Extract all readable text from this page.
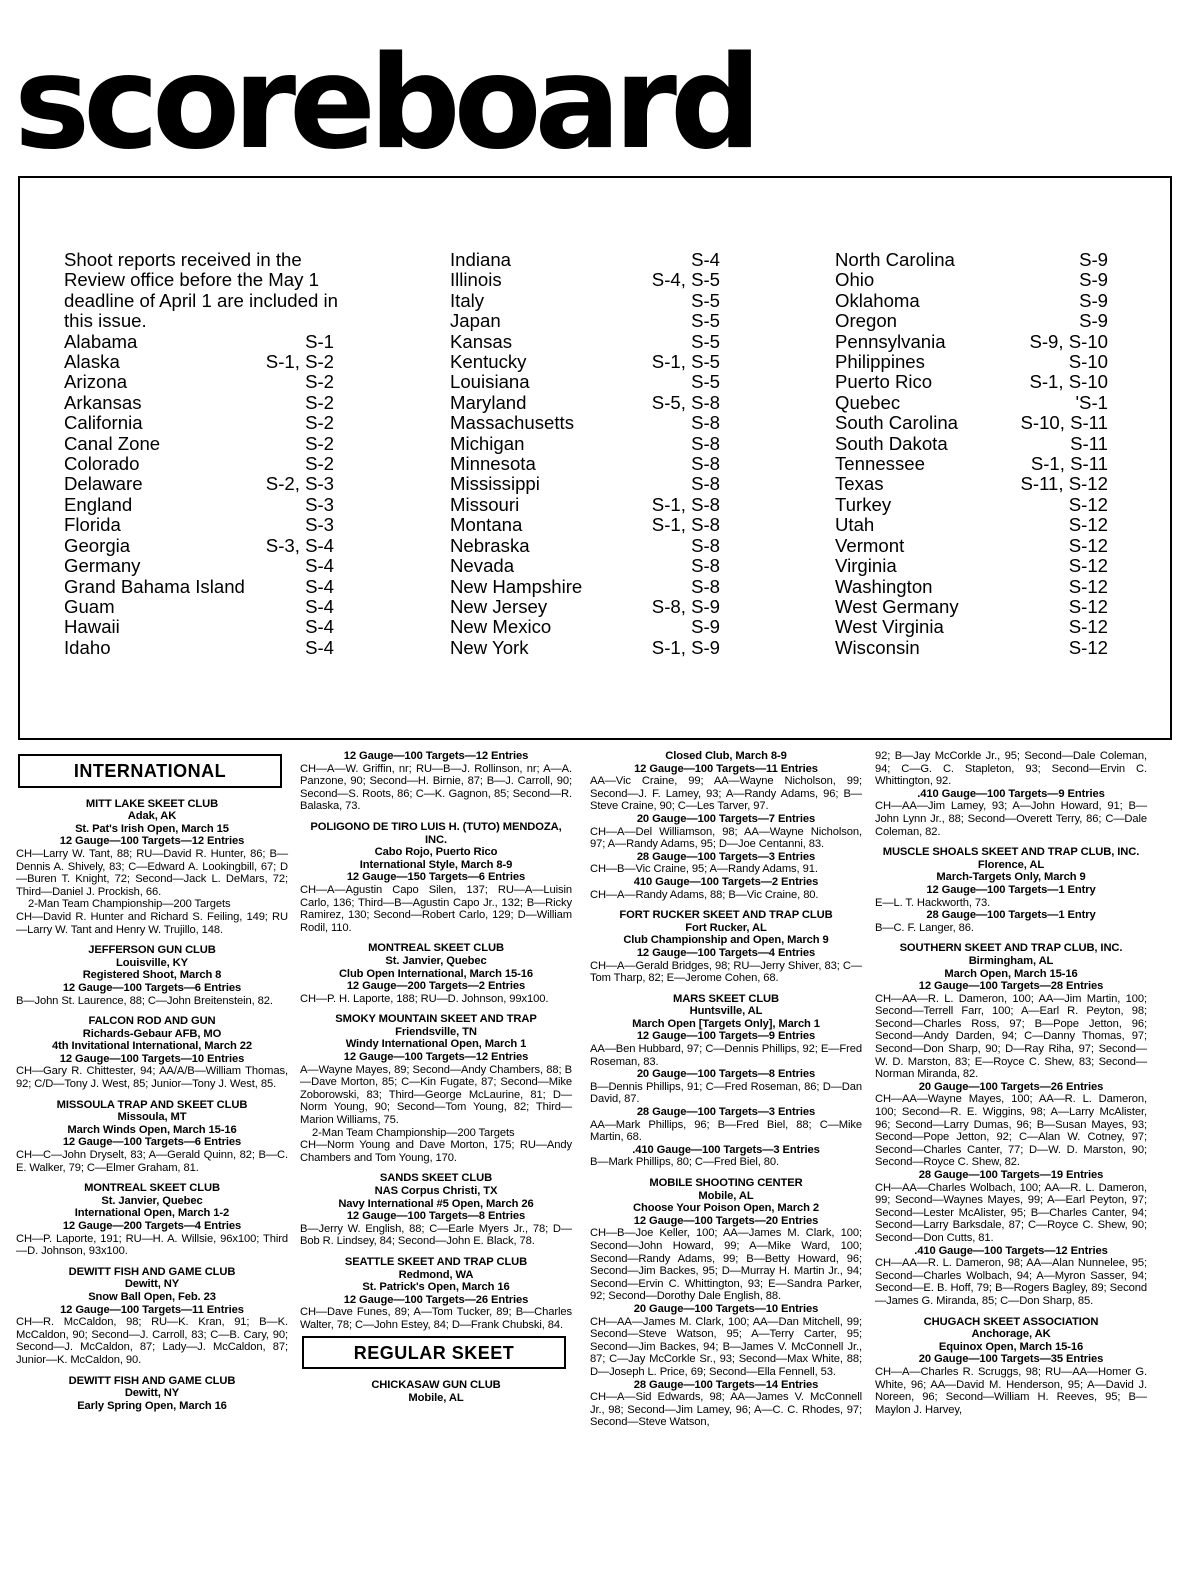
scoreboard

Shoot reports received in the Review office before the May 1 deadline of April 1 are included in this issue.

Alabama	S-1
Alaska	S-1, S-2
Arizona	S-2
Arkansas	S-2
California	S-2
Canal Zone	S-2
Colorado	S-2
Delaware	S-2, S-3
England	S-3
Florida	S-3
Georgia	S-3, S-4
Germany	S-4
Grand Bahama Island	S-4
Guam	S-4
Hawaii	S-4
Idaho	S-4
Indiana	S-4
Illinois	S-4, S-5
Italy	S-5
Japan	S-5
Kansas	S-5
Kentucky	S-1, S-5
Louisiana	S-5
Maryland	S-5, S-8
Massachusetts	S-8
Michigan	S-8
Minnesota	S-8
Mississippi	S-8
Missouri	S-1, S-8
Montana	S-1, S-8
Nebraska	S-8
Nevada	S-8
New Hampshire	S-8
New Jersey	S-8, S-9
New Mexico	S-9
New York	S-1, S-9
North Carolina	S-9
Ohio	S-9
Oklahoma	S-9
Oregon	S-9
Pennsylvania	S-9, S-10
Philippines	S-10
Puerto Rico	S-1, S-10
Quebec	'S-1
South Carolina	S-10, S-11
South Dakota	S-11
Tennessee	S-1, S-11
Texas	S-11, S-12
Turkey	S-12
Utah	S-12
Vermont	S-12
Virginia	S-12
Washington	S-12
West Germany	S-12
West Virginia	S-12
Wisconsin	S-12
INTERNATIONAL
MITT LAKE SKEET CLUB
Adak, AK
St. Pat's Irish Open, March 15
12 Gauge—100 Targets—12 Entries

CH—Larry W. Tant, 88; RU—David R. Hunter, 86; B—Dennis A. Shively, 83; C—Edward A. Lookingbill, 67; D—Buren T. Knight, 72; Second—Jack L. DeMars, 72; Third—Daniel J. Prockish, 66.

2-Man Team Championship—200 Targets

CH—David R. Hunter and Richard S. Feiling, 149; RU—Larry W. Tant and Henry W. Trujillo, 148.

JEFFERSON GUN CLUB
Louisville, KY
Registered Shoot, March 8
12 Gauge—100 Targets—6 Entries

B—John St. Laurence, 88; C—John Breitenstein, 82.

FALCON ROD AND GUN
Richards-Gebaur AFB, MO
4th Invitational International, March 22
12 Gauge—100 Targets—10 Entries

CH—Gary R. Chittester, 94; AA/A/B—William Thomas, 92; C/D—Tony J. West, 85; Junior—Tony J. West, 85.

MISSOULA TRAP AND SKEET CLUB
Missoula, MT
March Winds Open, March 15-16
12 Gauge—100 Targets—6 Entries

CH—C—John Dryselt, 83; A—Gerald Quinn, 82; B—C. E. Walker, 79; C—Elmer Graham, 81.

MONTREAL SKEET CLUB
St. Janvier, Quebec
International Open, March 1-2
12 Gauge—200 Targets—4 Entries

CH—P. Laporte, 191; RU—H. A. Willsie, 96x100; Third—D. Johnson, 93x100.

DEWITT FISH AND GAME CLUB
Dewitt, NY
Snow Ball Open, Feb. 23
12 Gauge—100 Targets—11 Entries

CH—R. McCaldon, 98; RU—K. Kran, 91; B—K. McCaldon, 90; Second—J. Carroll, 83; C—B. Cary, 90; Second—J. McCaldon, 87; Lady—J. McCaldon, 87; Junior—K. McCaldon, 90.

DEWITT FISH AND GAME CLUB
Dewitt, NY
Early Spring Open, March 16
12 Gauge—100 Targets—12 Entries

CH—A—W. Griffin, nr; RU—B—J. Rollinson, nr; A—A. Panzone, 90; Second—H. Birnie, 87; B—J. Carroll, 90; Second—S. Roots, 86; C—K. Gagnon, 85; Second—R. Balaska, 73.

POLIGONO DE TIRO LUIS H. (TUTO) MENDOZA, INC.
Cabo Rojo, Puerto Rico
International Style, March 8-9
12 Gauge—150 Targets—6 Entries

CH—A—Agustin Capo Silen, 137; RU—A—Luisin Carlo, 136; Third—B—Agustin Capo Jr., 132; B—Ricky Ramirez, 130; Second—Robert Carlo, 129; D—William Rodil, 110.

MONTREAL SKEET CLUB
St. Janvier, Quebec
Club Open International, March 15-16
12 Gauge—200 Targets—2 Entries

CH—P. H. Laporte, 188; RU—D. Johnson, 99x100.

SMOKY MOUNTAIN SKEET AND TRAP
Friendsville, TN
Windy International Open, March 1
12 Gauge—100 Targets—12 Entries

A—Wayne Mayes, 89; Second—Andy Chambers, 88; B—Dave Morton, 85; C—Kin Fugate, 87; Second—Mike Zoborowski, 83; Third—George McLaurine, 81; D—Norm Young, 90; Second—Tom Young, 82; Third—Marion Williams, 75.

2-Man Team Championship—200 Targets

CH—Norm Young and Dave Morton, 175; RU—Andy Chambers and Tom Young, 170.

SANDS SKEET CLUB
NAS Corpus Christi, TX
Navy International #5 Open, March 26
12 Gauge—100 Targets—8 Entries

B—Jerry W. English, 88; C—Earle Myers Jr., 78; D—Bob R. Lindsey, 84; Second—John E. Black, 78.

SEATTLE SKEET AND TRAP CLUB
Redmond, WA
St. Patrick's Open, March 16
12 Gauge—100 Targets—26 Entries

CH—Dave Funes, 89; A—Tom Tucker, 89; B—Charles Walter, 78; C—John Estey, 84; D—Frank Chubski, 84.

REGULAR SKEET
CHICKASAW GUN CLUB
Mobile, AL
Closed Club, March 8-9
12 Gauge—100 Targets—11 Entries

AA—Vic Craine, 99; AA—Wayne Nicholson, 99; Second—J. F. Lamey, 93; A—Randy Adams, 96; B—Steve Craine, 90; C—Les Tarver, 97.

20 Gauge—100 Targets—7 Entries

CH—A—Del Williamson, 98; AA—Wayne Nicholson, 97; A—Randy Adams, 95; D—Joe Centanni, 83.

28 Gauge—100 Targets—3 Entries

CH—B—Vic Craine, 95; A—Randy Adams, 91.

410 Gauge—100 Targets—2 Entries

CH—A—Randy Adams, 88; B—Vic Craine, 80.

FORT RUCKER SKEET AND TRAP CLUB
Fort Rucker, AL
Club Championship and Open, March 9
12 Gauge—100 Targets—4 Entries

CH—A—Gerald Bridges, 98; RU—Jerry Shiver, 83; C—Tom Tharp, 82; E—Jerome Cohen, 68.

MARS SKEET CLUB
Huntsville, AL
March Open [Targets Only], March 1
12 Gauge—100 Targets—9 Entries

AA—Ben Hubbard, 97; C—Dennis Phillips, 92; E—Fred Roseman, 83.

20 Gauge—100 Targets—8 Entries

B—Dennis Phillips, 91; C—Fred Roseman, 86; D—Dan David, 87.

28 Gauge—100 Targets—3 Entries

AA—Mark Phillips, 96; B—Fred Biel, 88; C—Mike Martin, 68.

.410 Gauge—100 Targets—3 Entries

B—Mark Phillips, 80; C—Fred Biel, 80.

MOBILE SHOOTING CENTER
Mobile, AL
Choose Your Poison Open, March 2
12 Gauge—100 Targets—20 Entries

CH—B—Joe Keller, 100; AA—James M. Clark, 100; Second—John Howard, 99; A—Mike Ward, 100; Second—Randy Adams, 99; B—Betty Howard, 96; Second—Jim Backes, 95; D—Murray H. Martin Jr., 94; Second—Ervin C. Whittington, 93; E—Sandra Parker, 92; Second—Dorothy Dale English, 88.

20 Gauge—100 Targets—10 Entries

CH—AA—James M. Clark, 100; AA—Dan Mitchell, 99; Second—Steve Watson, 95; A—Terry Carter, 95; Second—Jim Backes, 94; B—James V. McConnell Jr., 87; C—Jay McCorkle Sr., 93; Second—Max White, 88; D—Joseph L. Price, 69; Second—Ella Fennell, 53.

28 Gauge—100 Targets—14 Entries

CH—A—Sid Edwards, 98; AA—James V. McConnell Jr., 98; Second—Jim Lamey, 96; A—C. C. Rhodes, 97; Second—Steve Watson,

92; B—Jay McCorkle Jr., 95; Second—Dale Coleman, 94; C—G. C. Stapleton, 93; Second—Ervin C. Whittington, 92.

.410 Gauge—100 Targets—9 Entries

CH—AA—Jim Lamey, 93; A—John Howard, 91; B—John Lynn Jr., 88; Second—Overett Terry, 86; C—Dale Coleman, 82.

MUSCLE SHOALS SKEET AND TRAP CLUB, INC.
Florence, AL
March-Targets Only, March 9
12 Gauge—100 Targets—1 Entry

E—L. T. Hackworth, 73.

28 Gauge—100 Targets—1 Entry

B—C. F. Langer, 86.

SOUTHERN SKEET AND TRAP CLUB, INC.
Birmingham, AL
March Open, March 15-16
12 Gauge—100 Targets—28 Entries

CH—AA—R. L. Dameron, 100; AA—Jim Martin, 100; Second—Terrell Farr, 100; A—Earl R. Peyton, 98; Second—Charles Ross, 97; B—Pope Jetton, 96; Second—Andy Darden, 94; C—Danny Thomas, 97; Second—Don Sharp, 90; D—Ray Riha, 97; Second—W. D. Marston, 83; E—Royce C. Shew, 83; Second—Norman Miranda, 82.

20 Gauge—100 Targets—26 Entries

CH—AA—Wayne Mayes, 100; AA—R. L. Dameron, 100; Second—R. E. Wiggins, 98; A—Larry McAlister, 96; Second—Larry Dumas, 96; B—Susan Mayes, 93; Second—Pope Jetton, 92; C—Alan W. Cotney, 97; Second—Charles Canter, 77; D—W. D. Marston, 90; Second—Royce C. Shew, 82.

28 Gauge—100 Targets—19 Entries

CH—AA—Charles Wolbach, 100; AA—R. L. Dameron, 99; Second—Waynes Mayes, 99; A—Earl Peyton, 97; Second—Lester McAlister, 95; B—Charles Canter, 94; Second—Larry Barksdale, 87; C—Royce C. Shew, 90; Second—Don Cutts, 81.

.410 Gauge—100 Targets—12 Entries

CH—AA—R. L. Dameron, 98; AA—Alan Nunnelee, 95; Second—Charles Wolbach, 94; A—Myron Sasser, 94; Second—E. B. Hoff, 79; B—Rogers Bagley, 89; Second—James G. Miranda, 85; C—Don Sharp, 85.

CHUGACH SKEET ASSOCIATION
Anchorage, AK
Equinox Open, March 15-16
20 Gauge—100 Targets—35 Entries

CH—A—Charles R. Scruggs, 98; RU—AA—Homer G. White, 96; AA—David M. Henderson, 95; A—David J. Noreen, 96; Second—William H. Reeves, 95; B—Maylon J. Harvey,
